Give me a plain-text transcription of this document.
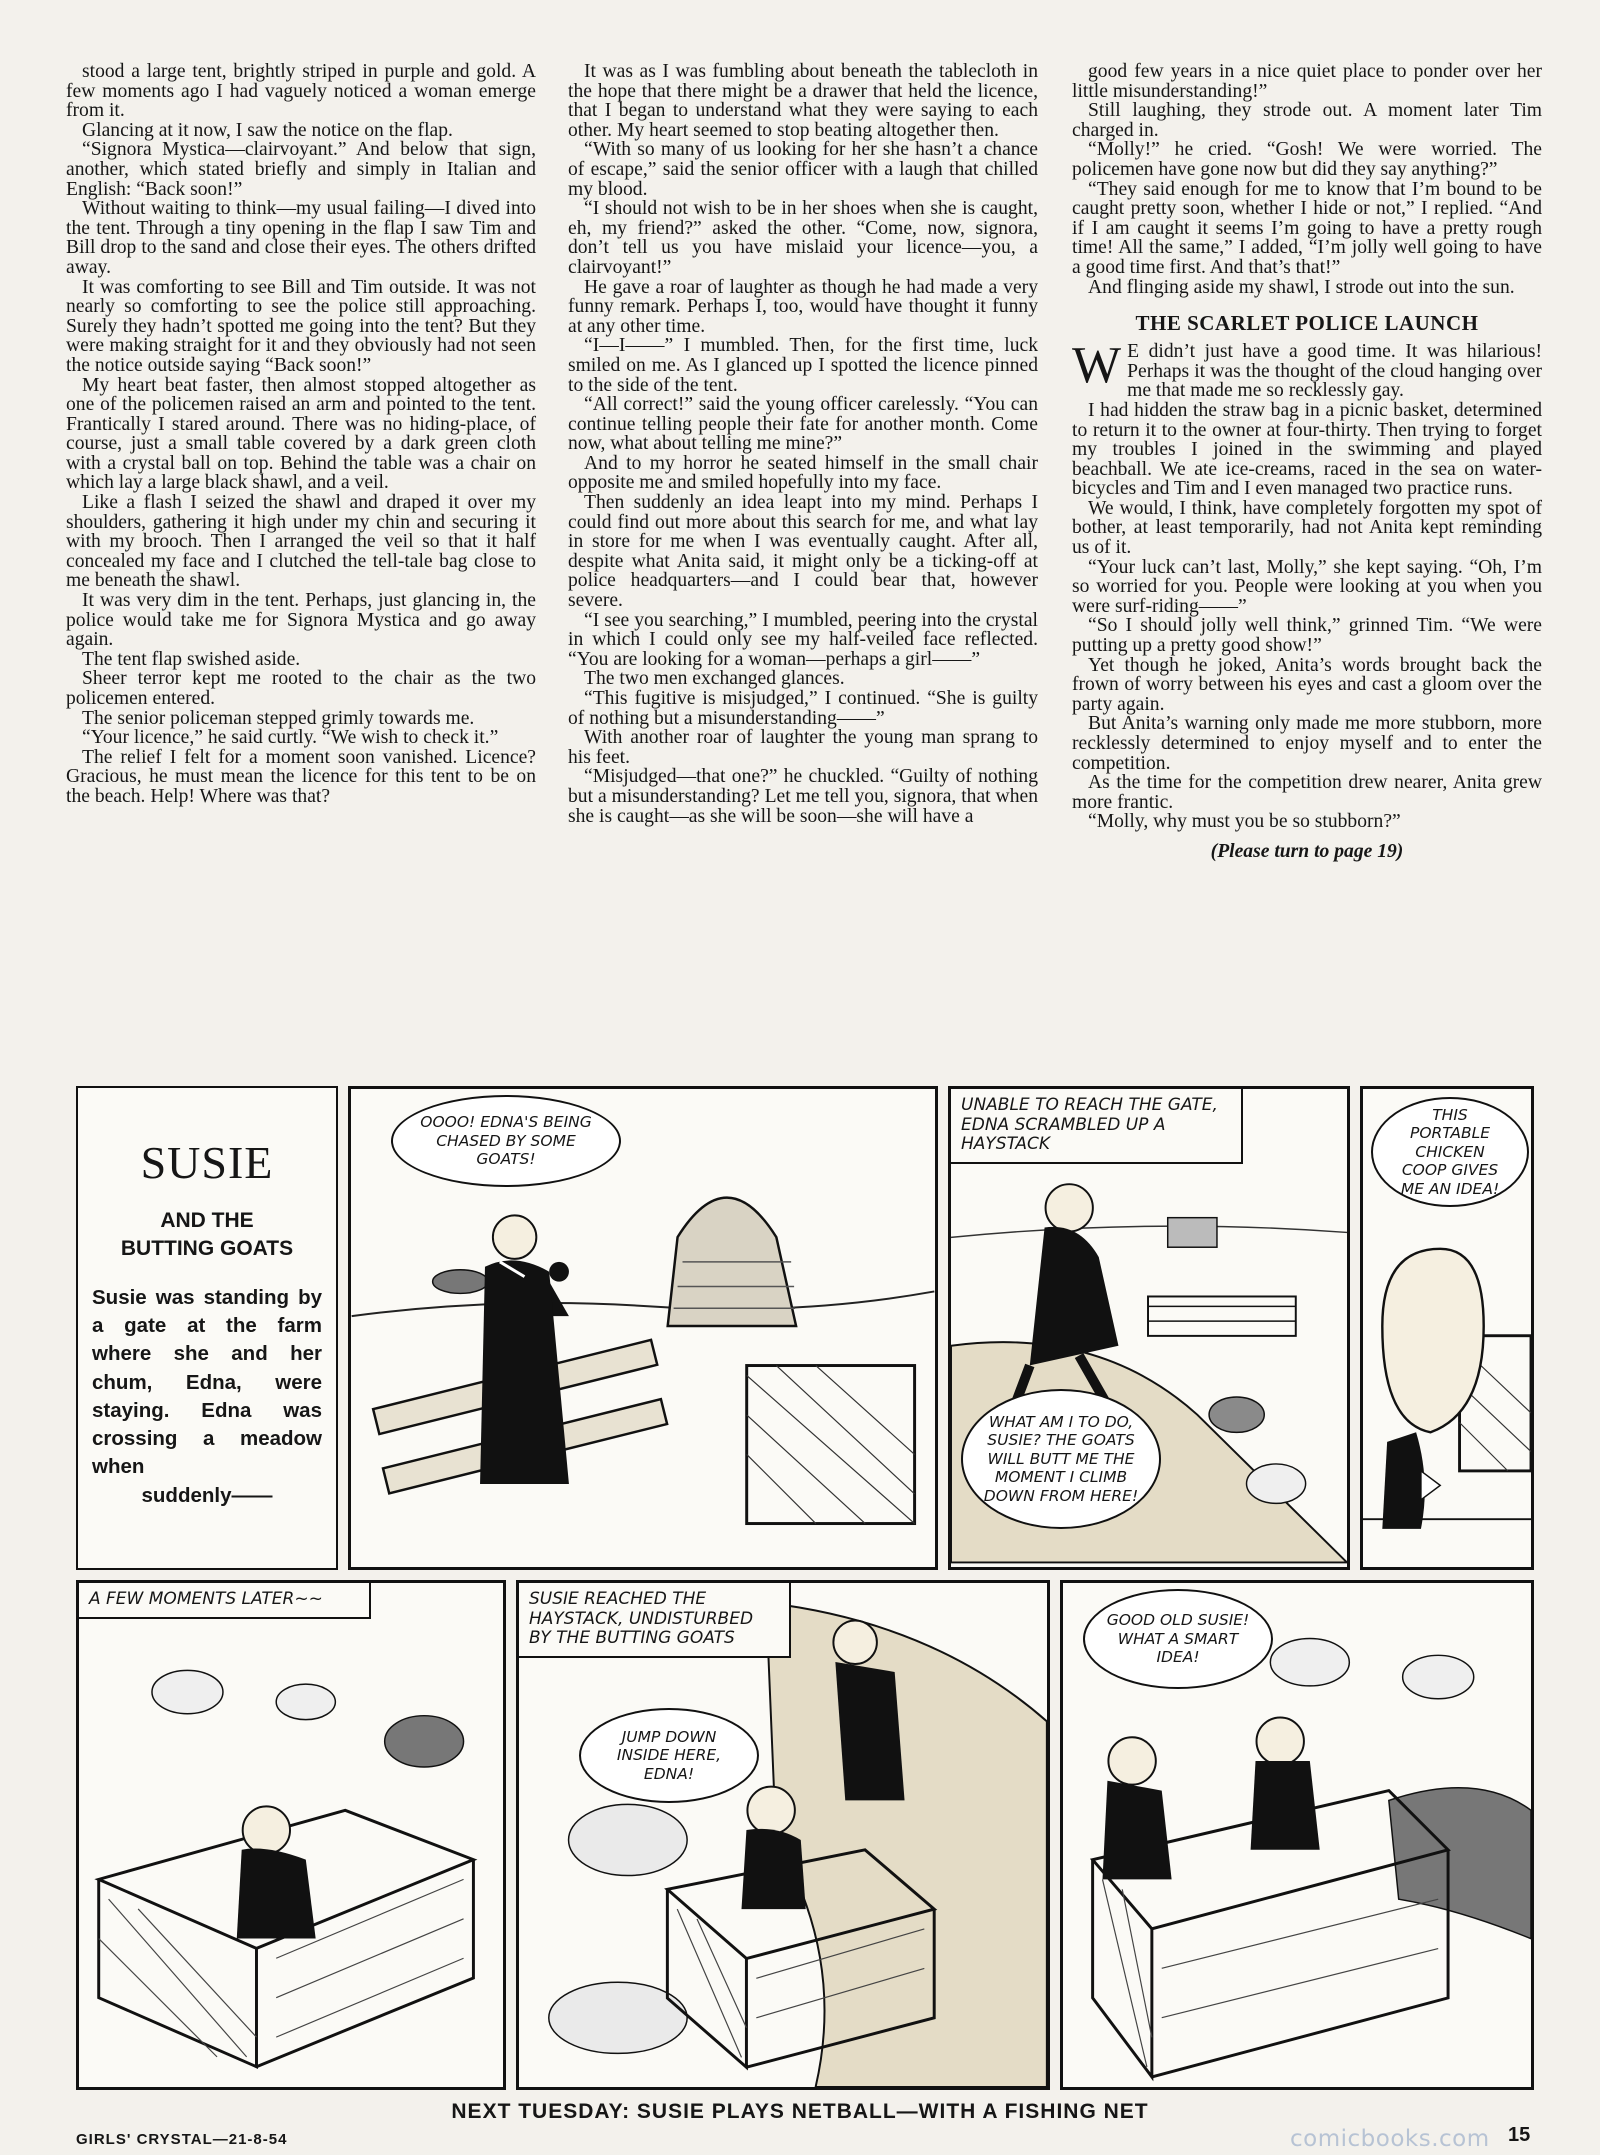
stood a large tent, brightly striped in purple and gold. A few moments ago I had vaguely noticed a woman emerge from it.

Glancing at it now, I saw the notice on the flap.

“Signora Mystica—clairvoyant.” And below that sign, another, which stated briefly and simply in Italian and English: “Back soon!”

Without waiting to think—my usual failing—I dived into the tent. Through a tiny opening in the flap I saw Tim and Bill drop to the sand and close their eyes. The others drifted away.

It was comforting to see Bill and Tim outside. It was not nearly so comforting to see the police still approaching. Surely they hadn’t spotted me going into the tent? But they were making straight for it and they obviously had not seen the notice outside saying “Back soon!”

My heart beat faster, then almost stopped altogether as one of the policemen raised an arm and pointed to the tent. Frantically I stared around. There was no hiding-place, of course, just a small table covered by a dark green cloth with a crystal ball on top. Behind the table was a chair on which lay a large black shawl, and a veil.

Like a flash I seized the shawl and draped it over my shoulders, gathering it high under my chin and securing it with my brooch. Then I arranged the veil so that it half concealed my face and I clutched the tell-tale bag close to me beneath the shawl.

It was very dim in the tent. Perhaps, just glancing in, the police would take me for Signora Mystica and go away again.

The tent flap swished aside.

Sheer terror kept me rooted to the chair as the two policemen entered.

The senior policeman stepped grimly towards me.

“Your licence,” he said curtly. “We wish to check it.”

The relief I felt for a moment soon vanished. Licence? Gracious, he must mean the licence for this tent to be on the beach. Help! Where was that?

It was as I was fumbling about beneath the tablecloth in the hope that there might be a drawer that held the licence, that I began to understand what they were saying to each other. My heart seemed to stop beating altogether then.

“With so many of us looking for her she hasn’t a chance of escape,” said the senior officer with a laugh that chilled my blood.

“I should not wish to be in her shoes when she is caught, eh, my friend?” asked the other. “Come, now, signora, don’t tell us you have mislaid your licence—you, a clairvoyant!”

He gave a roar of laughter as though he had made a very funny remark. Perhaps I, too, would have thought it funny at any other time.

“I—I——” I mumbled. Then, for the first time, luck smiled on me. As I glanced up I spotted the licence pinned to the side of the tent.

“All correct!” said the young officer carelessly. “You can continue telling people their fate for another month. Come now, what about telling me mine?”

And to my horror he seated himself in the small chair opposite me and smiled hopefully into my face.

Then suddenly an idea leapt into my mind. Perhaps I could find out more about this search for me, and what lay in store for me when I was eventually caught. After all, despite what Anita said, it might only be a ticking-off at police headquarters—and I could bear that, however severe.

“I see you searching,” I mumbled, peering into the crystal in which I could only see my half-veiled face reflected. “You are looking for a woman—perhaps a girl——”

The two men exchanged glances.

“This fugitive is misjudged,” I continued. “She is guilty of nothing but a misunderstanding——”

With another roar of laughter the young man sprang to his feet.

“Misjudged—that one?” he chuckled. “Guilty of nothing but a misunderstanding? Let me tell you, signora, that when she is caught—as she will be soon—she will have a

good few years in a nice quiet place to ponder over her little misunderstanding!”

Still laughing, they strode out. A moment later Tim charged in.

“Molly!” he cried. “Gosh! We were worried. The policemen have gone now but did they say anything?”

“They said enough for me to know that I’m bound to be caught pretty soon, whether I hide or not,” I replied. “And if I am caught it seems I’m going to have a pretty rough time! All the same,” I added, “I’m jolly well going to have a good time first. And that’s that!”

And flinging aside my shawl, I strode out into the sun.

THE SCARLET POLICE LAUNCH

W E didn’t just have a good time. It was hilarious! Perhaps it was the thought of the cloud hanging over me that made me so recklessly gay.

I had hidden the straw bag in a picnic basket, determined to return it to the owner at four-thirty. Then trying to forget my troubles I joined in the swimming and played beachball. We ate ice-creams, raced in the sea on water-bicycles and Tim and I even managed two practice runs.

We would, I think, have completely forgotten my spot of bother, at least temporarily, had not Anita kept reminding us of it.

“Your luck can’t last, Molly,” she kept saying. “Oh, I’m so worried for you. People were looking at you when you were surf-riding——”

“So I should jolly well think,” grinned Tim. “We were putting up a pretty good show!”

Yet though he joked, Anita’s words brought back the frown of worry between his eyes and cast a gloom over the party again.

But Anita’s warning only made me more stubborn, more recklessly determined to enjoy myself and to enter the competition.

As the time for the competition drew nearer, Anita grew more frantic.

“Molly, why must you be so stubborn?”

(Please turn to page 19)
SUSIE
AND THE
BUTTING GOATS
Susie was standing by a gate at the farm where she and her chum, Edna, were staying. Edna was crossing a meadow when
suddenly——
OOOO! EDNA'S BEING CHASED BY SOME GOATS!
UNABLE TO REACH THE GATE, EDNA SCRAMBLED UP A HAYSTACK
WHAT AM I TO DO, SUSIE? THE GOATS WILL BUTT ME THE MOMENT I CLIMB DOWN FROM HERE!
THIS PORTABLE CHICKEN COOP GIVES ME AN IDEA!
A FEW MOMENTS LATER~~	SUSIE REACHED THE HAYSTACK, UNDISTURBED BY THE BUTTING GOATS
JUMP DOWN INSIDE HERE, EDNA!
GOOD OLD SUSIE! WHAT A SMART IDEA!
NEXT TUESDAY: SUSIE PLAYS NETBALL—WITH A FISHING NET
GIRLS' CRYSTAL—21-8-54	comicbooks.com 15
